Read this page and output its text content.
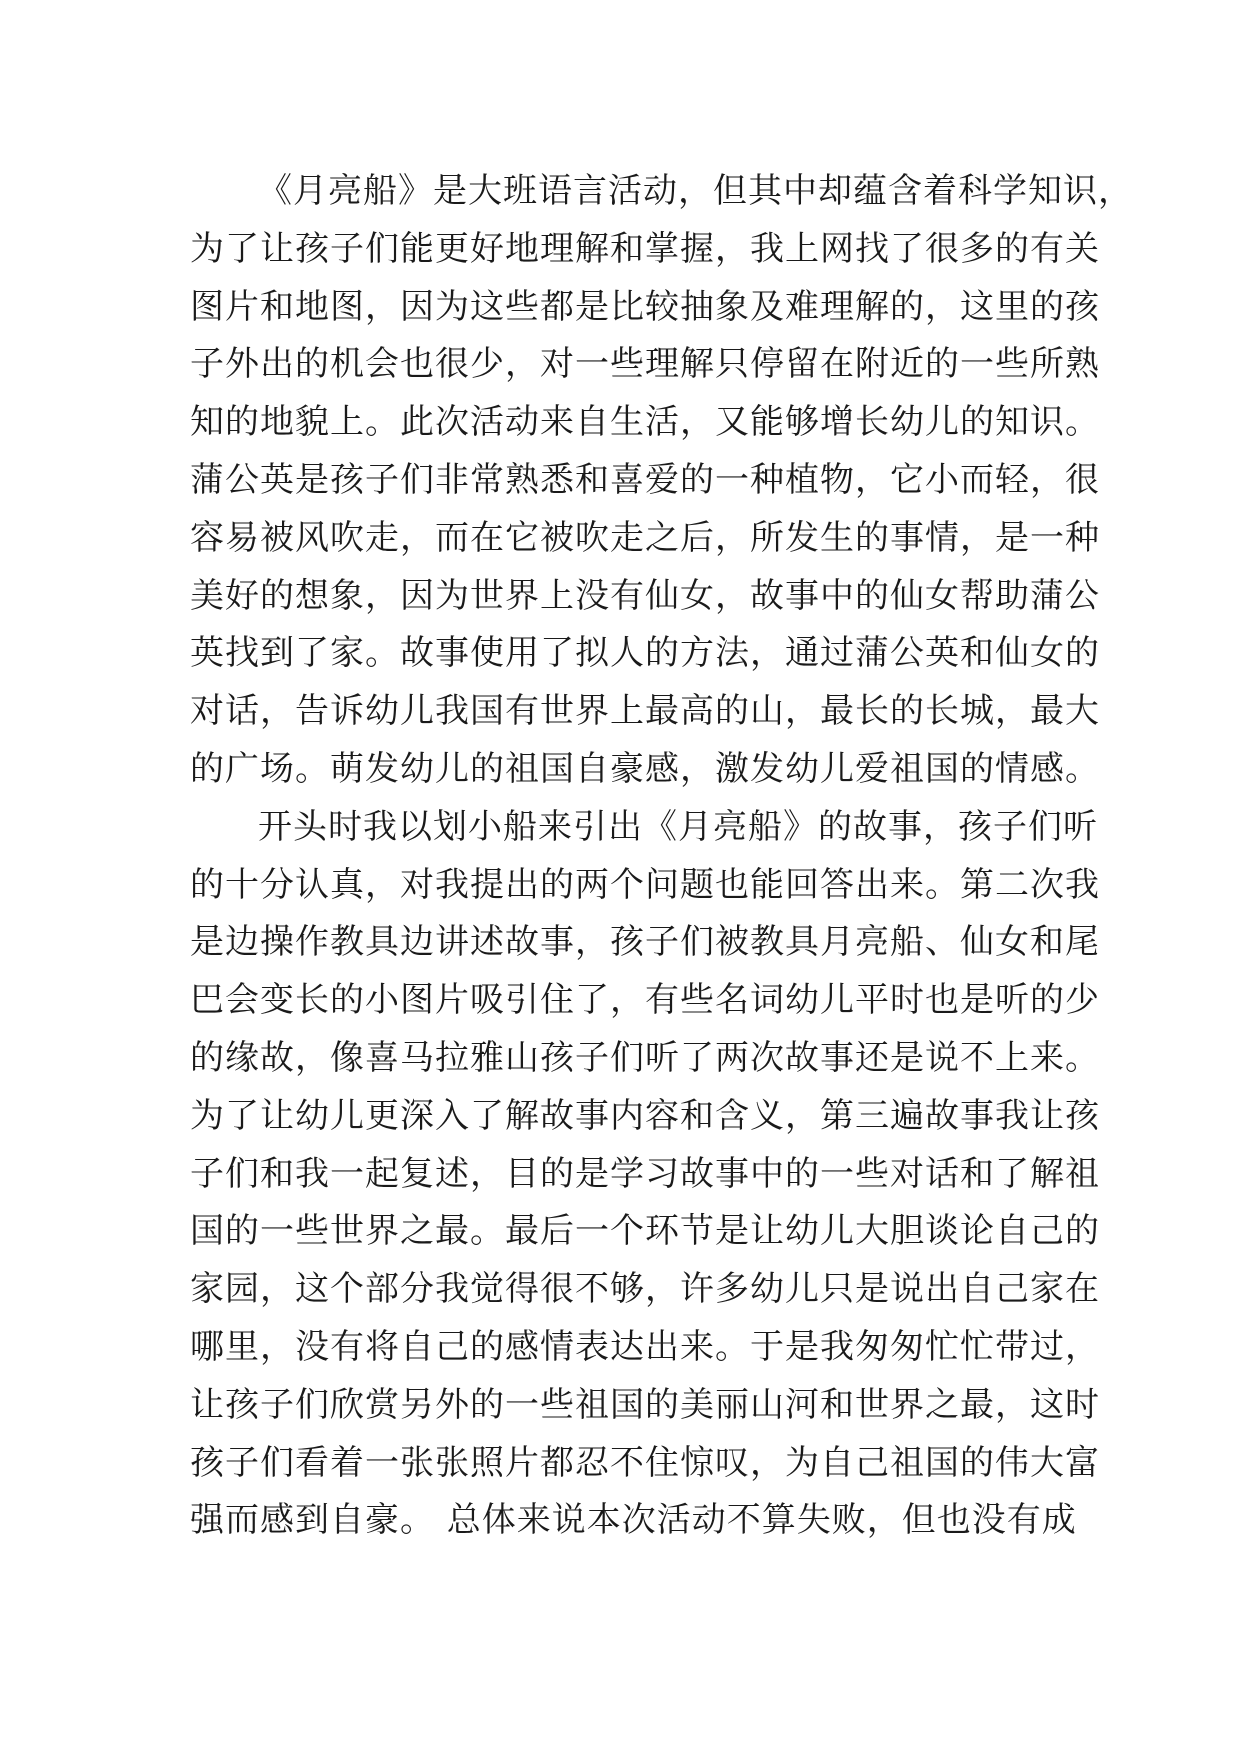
《月亮船》是大班语言活动，但其中却蕴含着科学知识，
为了让孩子们能更好地理解和掌握，我上网找了很多的有关
图片和地图，因为这些都是比较抽象及难理解的，这里的孩
子外出的机会也很少，对一些理解只停留在附近的一些所熟
知的地貌上。此次活动来自生活，又能够增长幼儿的知识。
蒲公英是孩子们非常熟悉和喜爱的一种植物，它小而轻，很
容易被风吹走，而在它被吹走之后，所发生的事情，是一种
美好的想象，因为世界上没有仙女，故事中的仙女帮助蒲公
英找到了家。故事使用了拟人的方法，通过蒲公英和仙女的
对话，告诉幼儿我国有世界上最高的山，最长的长城，最大
的广场。萌发幼儿的祖国自豪感，激发幼儿爱祖国的情感。
开头时我以划小船来引出《月亮船》的故事，孩子们听
的十分认真，对我提出的两个问题也能回答出来。第二次我
是边操作教具边讲述故事，孩子们被教具月亮船、仙女和尾
巴会变长的小图片吸引住了，有些名词幼儿平时也是听的少
的缘故，像喜马拉雅山孩子们听了两次故事还是说不上来。
为了让幼儿更深入了解故事内容和含义，第三遍故事我让孩
子们和我一起复述，目的是学习故事中的一些对话和了解祖
国的一些世界之最。最后一个环节是让幼儿大胆谈论自己的
家园，这个部分我觉得很不够，许多幼儿只是说出自己家在
哪里，没有将自己的感情表达出来。于是我匆匆忙忙带过，
让孩子们欣赏另外的一些祖国的美丽山河和世界之最，这时
孩子们看着一张张照片都忍不住惊叹，为自己祖国的伟大富
强而感到自豪。 总体来说本次活动不算失败，但也没有成
